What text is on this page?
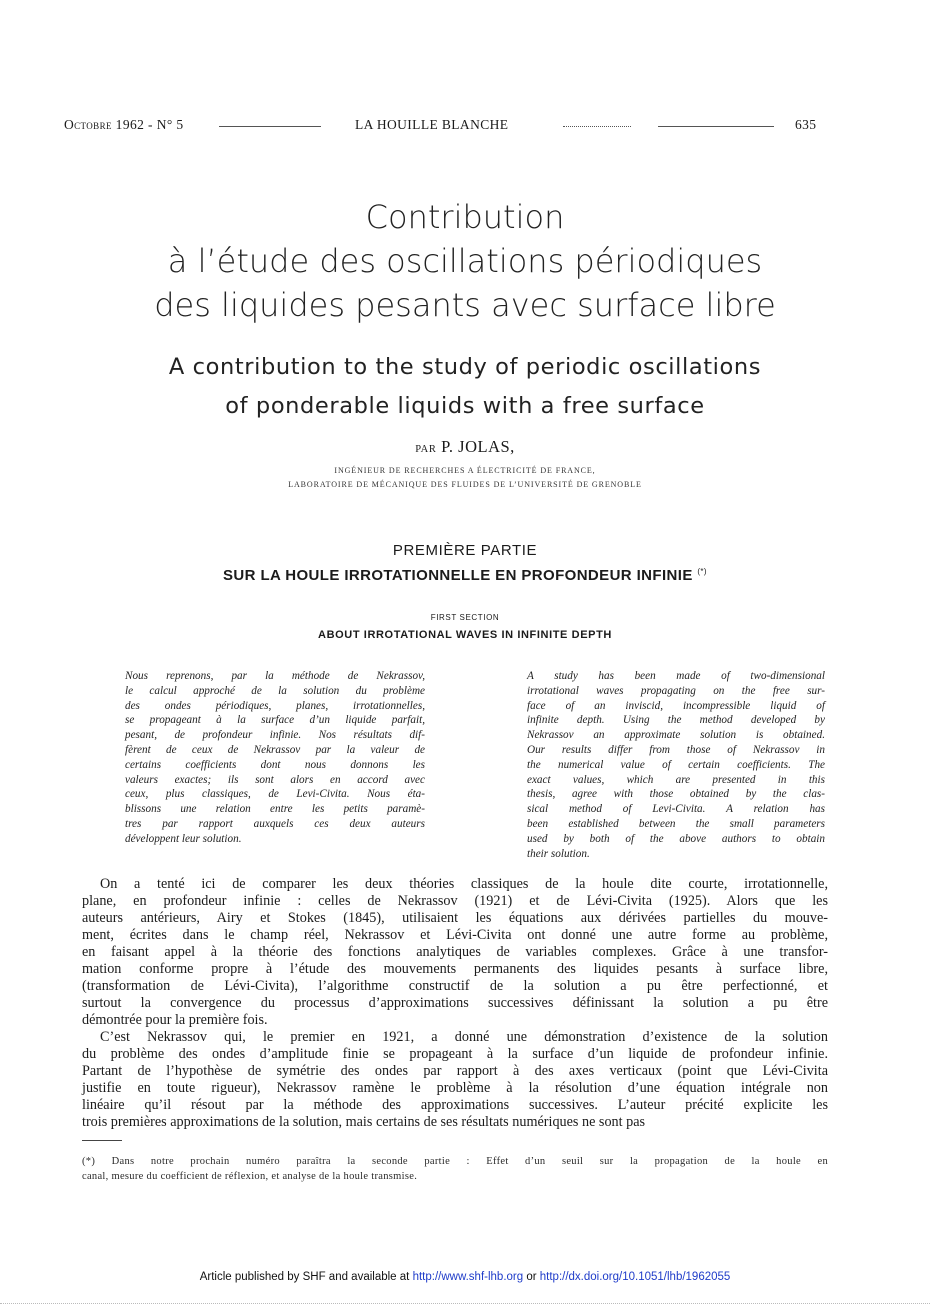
Octobre 1962 - N° 5	LA HOUILLE BLANCHE	635
Contribution
à l’étude des oscillations périodiques
des liquides pesants avec surface libre
A contribution to the study of periodic oscillations
of ponderable liquids with a free surface
PAR P. JOLAS,
INGÉNIEUR DE RECHERCHES A ÉLECTRICITÉ DE FRANCE,
LABORATOIRE DE MÉCANIQUE DES FLUIDES DE L’UNIVERSITÉ DE GRENOBLE
PREMIÈRE PARTIE
SUR LA HOULE IRROTATIONNELLE EN PROFONDEUR INFINIE (*)
FIRST SECTION
ABOUT IRROTATIONAL WAVES IN INFINITE DEPTH
Nous reprenons, par la méthode de Nekrassov,
le calcul approché de la solution du problème
des ondes périodiques, planes, irrotationnelles,
se propageant à la surface d’un liquide parfait,
pesant, de profondeur infinie. Nos résultats dif-
fèrent de ceux de Nekrassov par la valeur de
certains coefficients dont nous donnons les
valeurs exactes; ils sont alors en accord avec
ceux, plus classiques, de Levi-Civita. Nous éta-
blissons une relation entre les petits paramè-
tres par rapport auxquels ces deux auteurs
développent leur solution.
A study has been made of two-dimensional
irrotational waves propagating on the free sur-
face of an inviscid, incompressible liquid of
infinite depth. Using the method developed by
Nekrassov an approximate solution is obtained.
Our results differ from those of Nekrassov in
the numerical value of certain coefficients. The
exact values, which are presented in this
thesis, agree with those obtained by the clas-
sical method of Levi-Civita. A relation has
been established between the small parameters
used by both of the above authors to obtain
their solution.
On a tenté ici de comparer les deux théories classiques de la houle dite courte, irrotationnelle,
plane, en profondeur infinie : celles de Nekrassov (1921) et de Lévi-Civita (1925). Alors que les
auteurs antérieurs, Airy et Stokes (1845), utilisaient les équations aux dérivées partielles du mouve-
ment, écrites dans le champ réel, Nekrassov et Lévi-Civita ont donné une autre forme au problème,
en faisant appel à la théorie des fonctions analytiques de variables complexes. Grâce à une transfor-
mation conforme propre à l’étude des mouvements permanents des liquides pesants à surface libre,
(transformation de Lévi-Civita), l’algorithme constructif de la solution a pu être perfectionné, et
surtout la convergence du processus d’approximations successives définissant la solution a pu être
démontrée pour la première fois.
C’est Nekrassov qui, le premier en 1921, a donné une démonstration d’existence de la solution
du problème des ondes d’amplitude finie se propageant à la surface d’un liquide de profondeur infinie.
Partant de l’hypothèse de symétrie des ondes par rapport à des axes verticaux (point que Lévi-Civita
justifie en toute rigueur), Nekrassov ramène le problème à la résolution d’une équation intégrale non
linéaire qu’il résout par la méthode des approximations successives. L’auteur précité explicite les
trois premières approximations de la solution, mais certains de ses résultats numériques ne sont pas
(*) Dans notre prochain numéro paraîtra la seconde partie : Effet d’un seuil sur la propagation de la houle en
canal, mesure du coefficient de réflexion, et analyse de la houle transmise.
Article published by SHF and available at http://www.shf-lhb.org or http://dx.doi.org/10.1051/lhb/1962055
